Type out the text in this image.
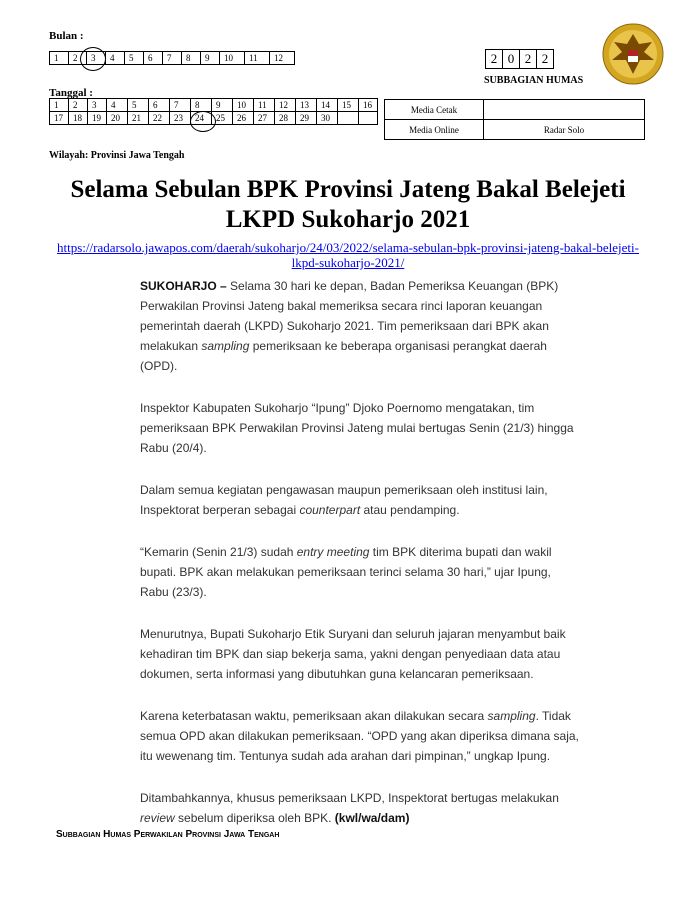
Bulan :
1	2	3	4	5	6	7	8	9	10	11	12	2 0 2 2
SUBBAGIAN HUMAS
Tanggal :
1	2	3	4	5	6	7	8	9	10	11	12	13	14	15	16
17	18	19	20	21	22	23	24	25	26	27	28	29	30		
Media Cetak	
Media Online	Radar Solo
Wilayah: Provinsi Jawa Tengah
Selama Sebulan BPK Provinsi Jateng Bakal Belejeti
LKPD Sukoharjo 2021
https://radarsolo.jawapos.com/daerah/sukoharjo/24/03/2022/selama-sebulan-bpk-provinsi-jateng-bakal-belejeti-
lkpd-sukoharjo-2021/

SUKOHARJO – Selama 30 hari ke depan, Badan Pemeriksa Keuangan (BPK) Perwakilan Provinsi Jateng bakal memeriksa secara rinci laporan keuangan pemerintah daerah (LKPD) Sukoharjo 2021. Tim pemeriksaan dari BPK akan melakukan sampling pemeriksaan ke beberapa organisasi perangkat daerah (OPD).

Inspektor Kabupaten Sukoharjo “Ipung” Djoko Poernomo mengatakan, tim pemeriksaan BPK Perwakilan Provinsi Jateng mulai bertugas Senin (21/3) hingga Rabu (20/4).

Dalam semua kegiatan pengawasan maupun pemeriksaan oleh institusi lain, Inspektorat berperan sebagai counterpart atau pendamping.

“Kemarin (Senin 21/3) sudah entry meeting tim BPK diterima bupati dan wakil bupati. BPK akan melakukan pemeriksaan terinci selama 30 hari,” ujar Ipung, Rabu (23/3).

Menurutnya, Bupati Sukoharjo Etik Suryani dan seluruh jajaran menyambut baik kehadiran tim BPK dan siap bekerja sama, yakni dengan penyediaan data atau dokumen, serta informasi yang dibutuhkan guna kelancaran pemeriksaan.

Karena keterbatasan waktu, pemeriksaan akan dilakukan secara sampling. Tidak semua OPD akan dilakukan pemeriksaan. “OPD yang akan diperiksa dimana saja, itu wewenang tim. Tentunya sudah ada arahan dari pimpinan,” ungkap Ipung.

Ditambahkannya, khusus pemeriksaan LKPD, Inspektorat bertugas melakukan review sebelum diperiksa oleh BPK. (kwl/wa/dam)

Subbagian Humas Perwakilan Provinsi Jawa Tengah
